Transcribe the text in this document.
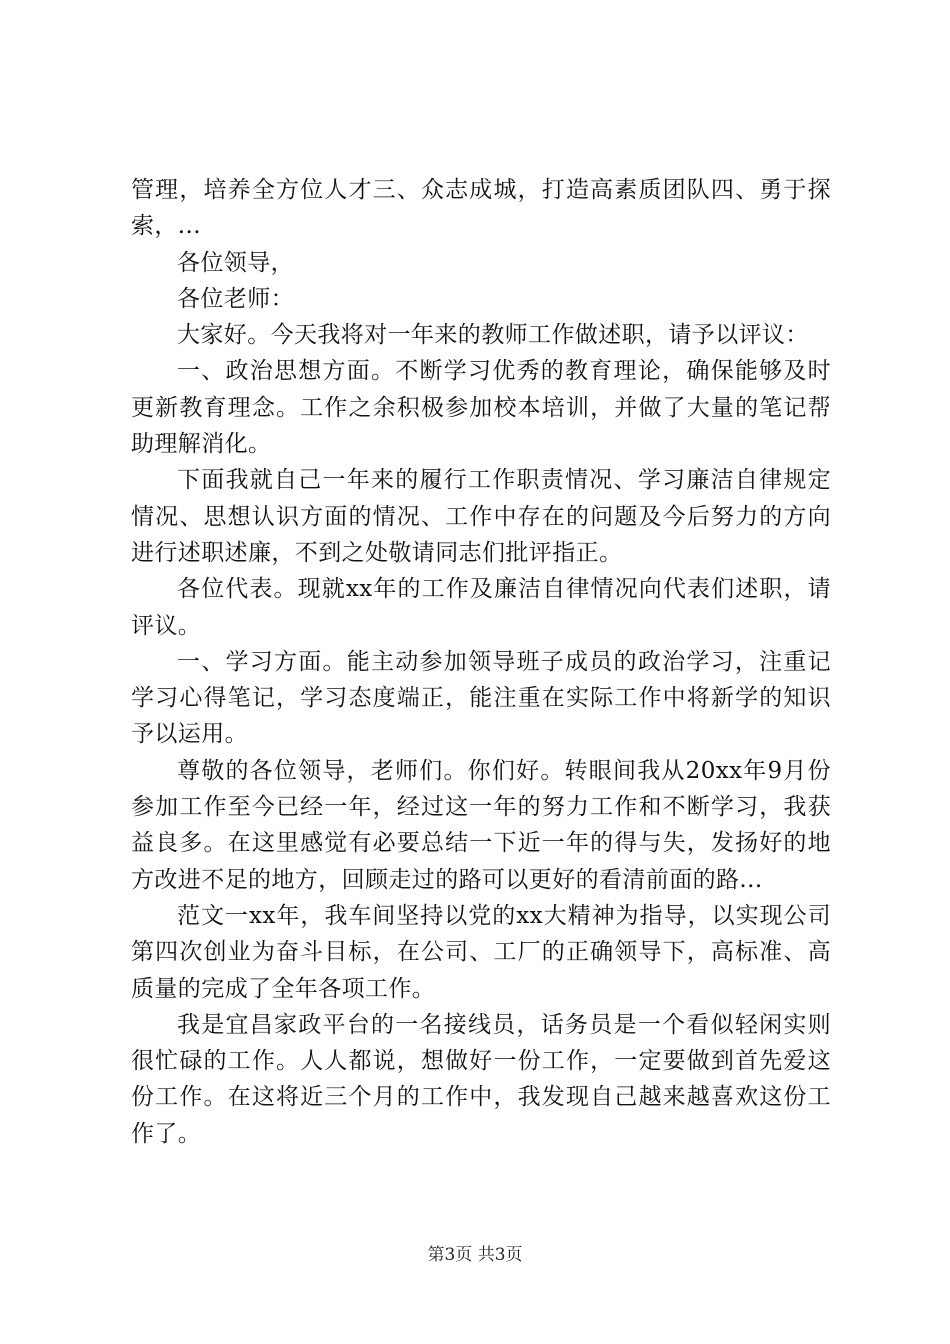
管理，培养全方位人才三、众志成城，打造高素质团队四、勇于探索，...

各位领导，

各位老师：

大家好。今天我将对一年来的教师工作做述职，请予以评议：

一、政治思想方面。不断学习优秀的教育理论，确保能够及时更新教育理念。工作之余积极参加校本培训，并做了大量的笔记帮助理解消化。

下面我就自己一年来的履行工作职责情况、学习廉洁自律规定情况、思想认识方面的情况、工作中存在的问题及今后努力的方向进行述职述廉，不到之处敬请同志们批评指正。

各位代表。现就xx年的工作及廉洁自律情况向代表们述职，请评议。

一、学习方面。能主动参加领导班子成员的政治学习，注重记学习心得笔记，学习态度端正，能注重在实际工作中将新学的知识予以运用。

尊敬的各位领导，老师们。你们好。转眼间我从20xx年9月份参加工作至今已经一年，经过这一年的努力工作和不断学习，我获益良多。在这里感觉有必要总结一下近一年的得与失，发扬好的地方改进不足的地方，回顾走过的路可以更好的看清前面的路...

范文一xx年，我车间坚持以党的xx大精神为指导，以实现公司第四次创业为奋斗目标，在公司、工厂的正确领导下，高标准、高质量的完成了全年各项工作。

我是宜昌家政平台的一名接线员，话务员是一个看似轻闲实则很忙碌的工作。人人都说，想做好一份工作，一定要做到首先爱这份工作。在这将近三个月的工作中，我发现自己越来越喜欢这份工作了。

第3页 共3页
